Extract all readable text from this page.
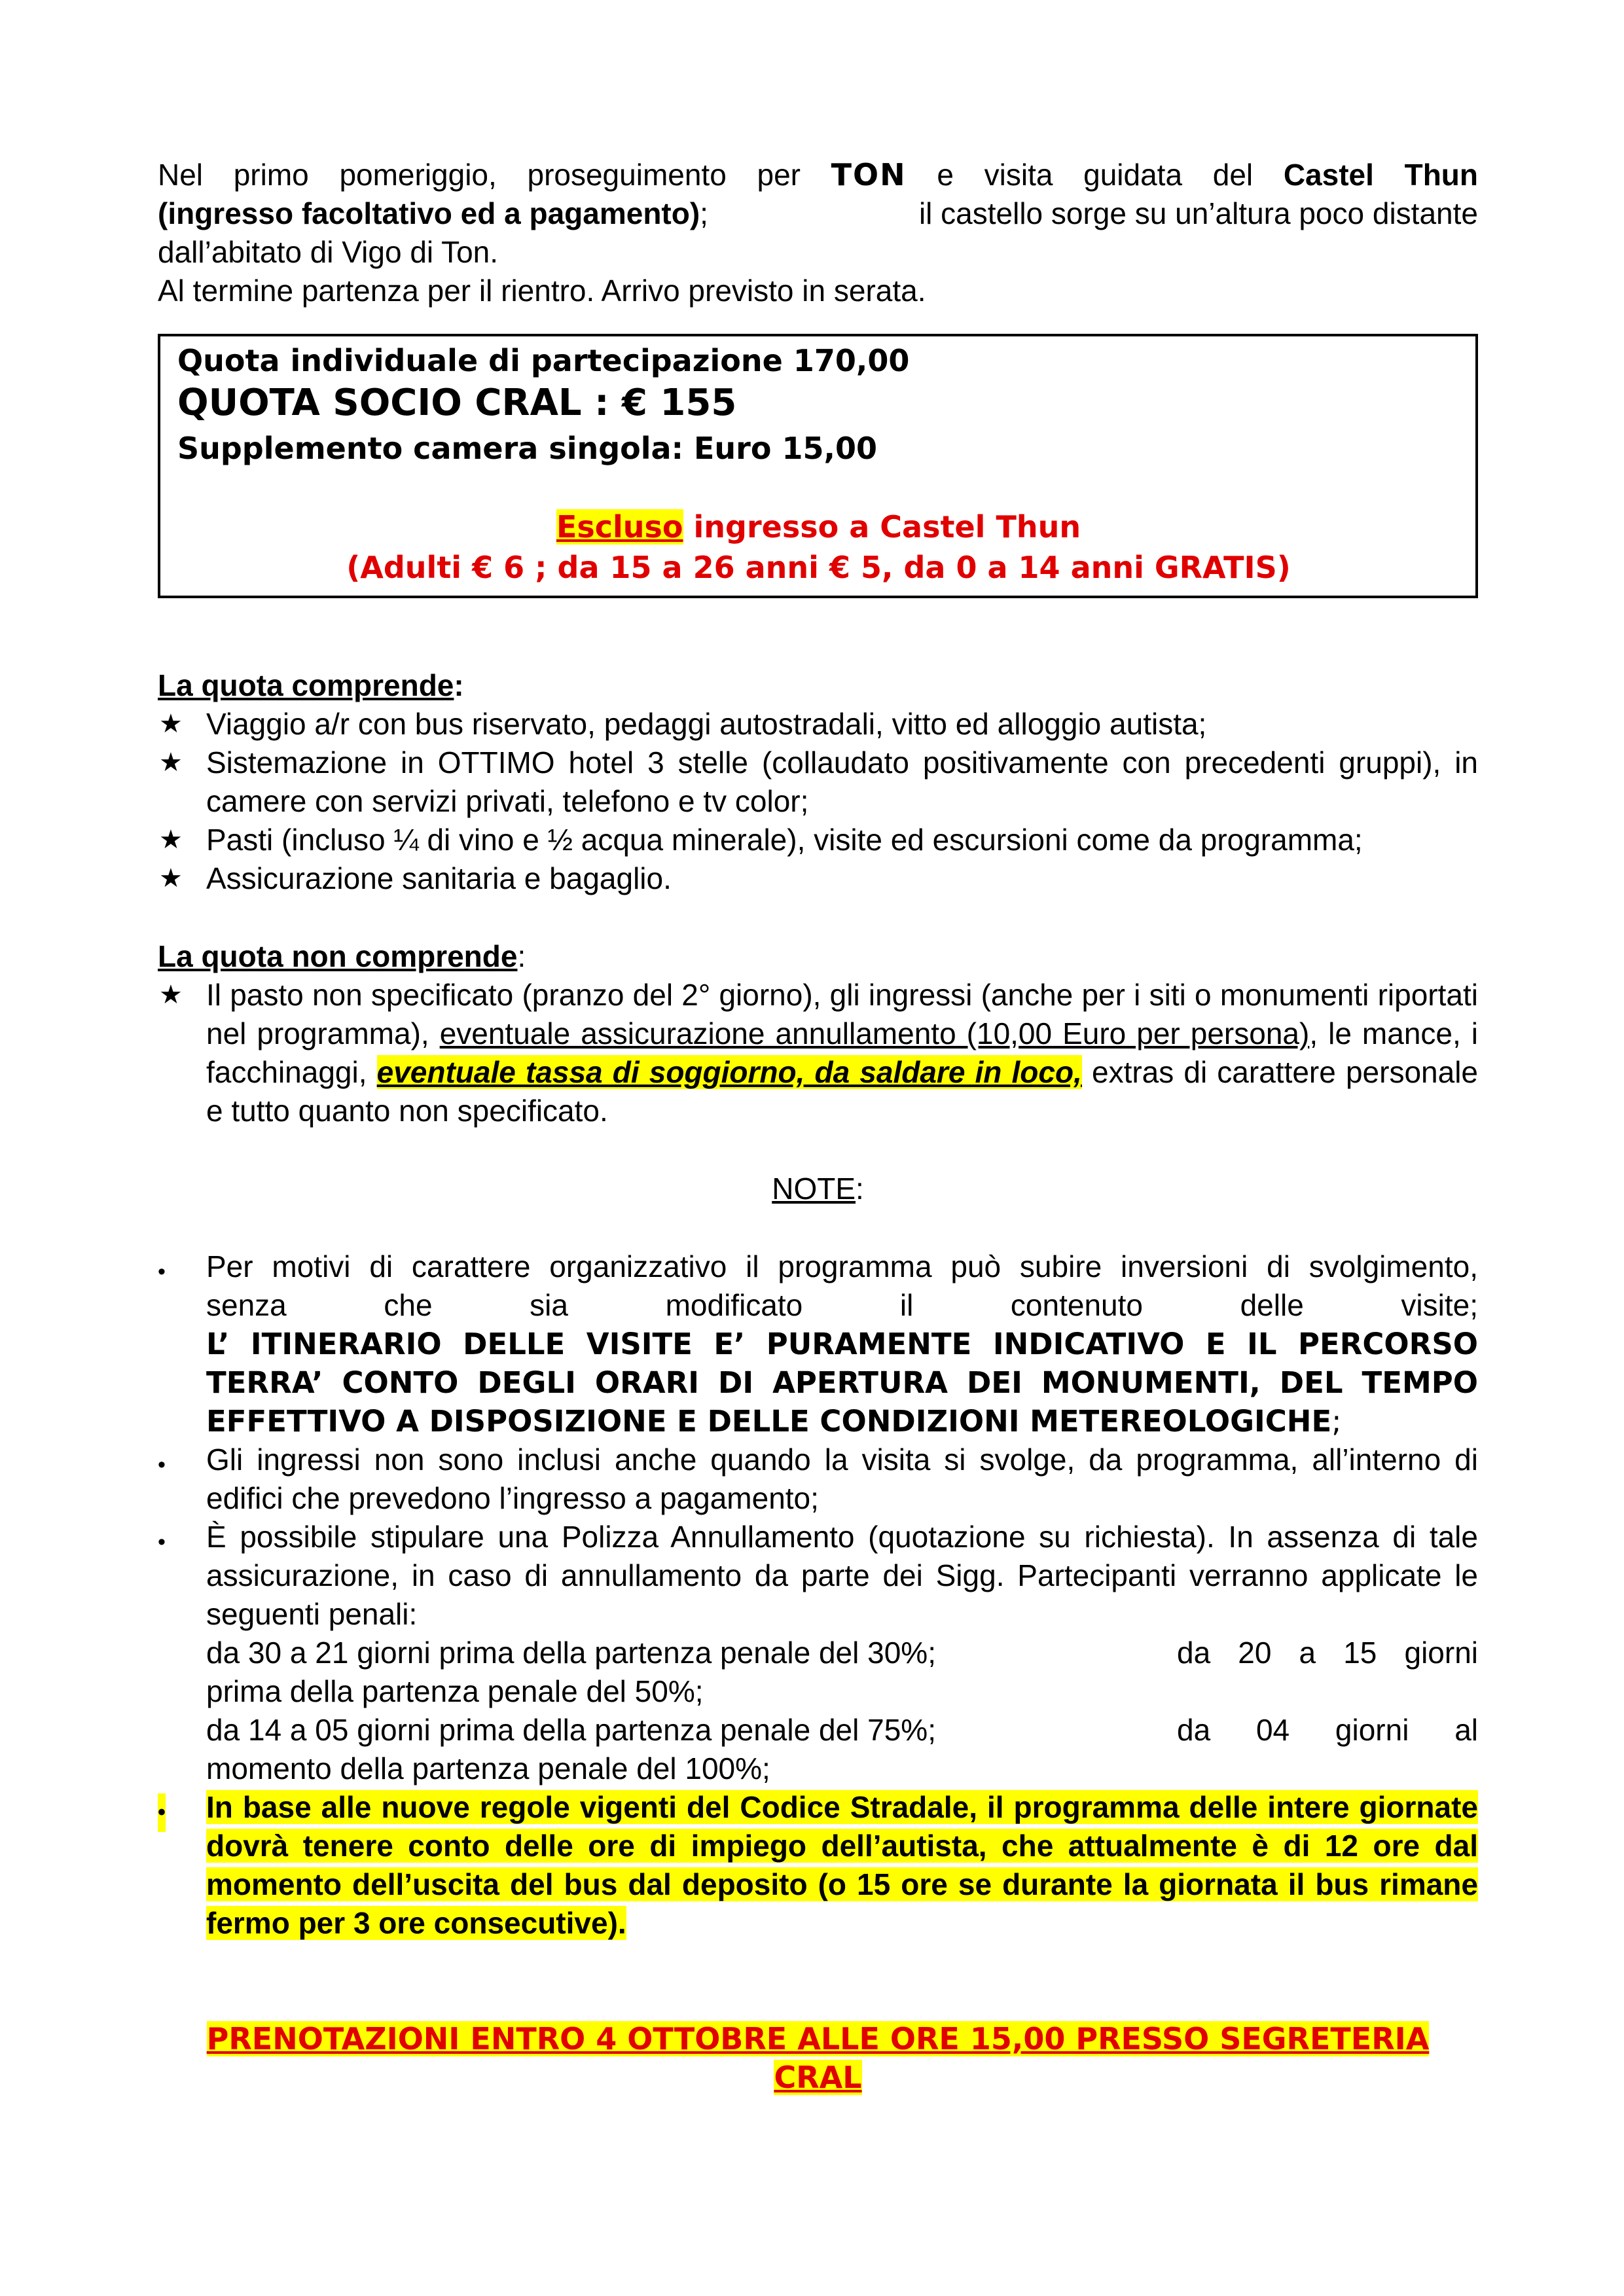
Nel primo pomeriggio, proseguimento per TON e visita guidata del Castel Thun
(ingresso facoltativo ed a pagamento);	il castello sorge su un’altura poco distante
dall’abitato di Vigo di Ton.
Al termine partenza per il rientro. Arrivo previsto in serata.
Quota individuale di partecipazione 170,00
QUOTA SOCIO CRAL : € 155
Supplemento camera singola: Euro 15,00
Escluso ingresso a Castel Thun
(Adulti € 6 ; da 15 a 26 anni € 5, da 0 a 14 anni GRATIS)
La quota comprende:
★ Viaggio a/r con bus riservato, pedaggi autostradali, vitto ed alloggio autista;
★ Sistemazione in OTTIMO hotel 3 stelle (collaudato positivamente con precedenti gruppi), in camere con servizi privati, telefono e tv color;
★ Pasti (incluso ¼ di vino e ½ acqua minerale), visite ed escursioni come da programma;
★ Assicurazione sanitaria e bagaglio.
La quota non comprende:
★ Il pasto non specificato (pranzo del 2° giorno), gli ingressi (anche per i siti o monumenti riportati nel programma), eventuale assicurazione annullamento (10,00 Euro per persona), le mance, i facchinaggi, eventuale tassa di soggiorno, da saldare in loco, extras di carattere personale e tutto quanto non specificato.
NOTE:
• Per motivi di carattere organizzativo il programma può subire inversioni di svolgimento,
senza che sia modificato il contenuto delle visite;
L’ ITINERARIO DELLE VISITE E’ PURAMENTE INDICATIVO E IL PERCORSO TERRA’ CONTO DEGLI ORARI DI APERTURA DEI MONUMENTI, DEL TEMPO EFFETTIVO A DISPOSIZIONE E DELLE CONDIZIONI METEREOLOGICHE;
• Gli ingressi non sono inclusi anche quando la visita si svolge, da programma, all’interno di edifici che prevedono l’ingresso a pagamento;
• È possibile stipulare una Polizza Annullamento (quotazione su richiesta). In assenza di tale assicurazione, in caso di annullamento da parte dei Sigg. Partecipanti verranno applicate le seguenti penali:
da 30 a 21 giorni prima della partenza penale del 30%;	da 20 a 15 giorni
prima della partenza penale del 50%;
da 14 a 05 giorni prima della partenza penale del 75%;	da 04 giorni al
momento della partenza penale del 100%;
• In base alle nuove regole vigenti del Codice Stradale, il programma delle intere giornate dovrà tenere conto delle ore di impiego dell’autista, che attualmente è di 12 ore dal momento dell’uscita del bus dal deposito (o 15 ore se durante la giornata il bus rimane fermo per 3 ore consecutive).
PRENOTAZIONI ENTRO 4 OTTOBRE ALLE ORE 15,00 PRESSO SEGRETERIA CRAL
